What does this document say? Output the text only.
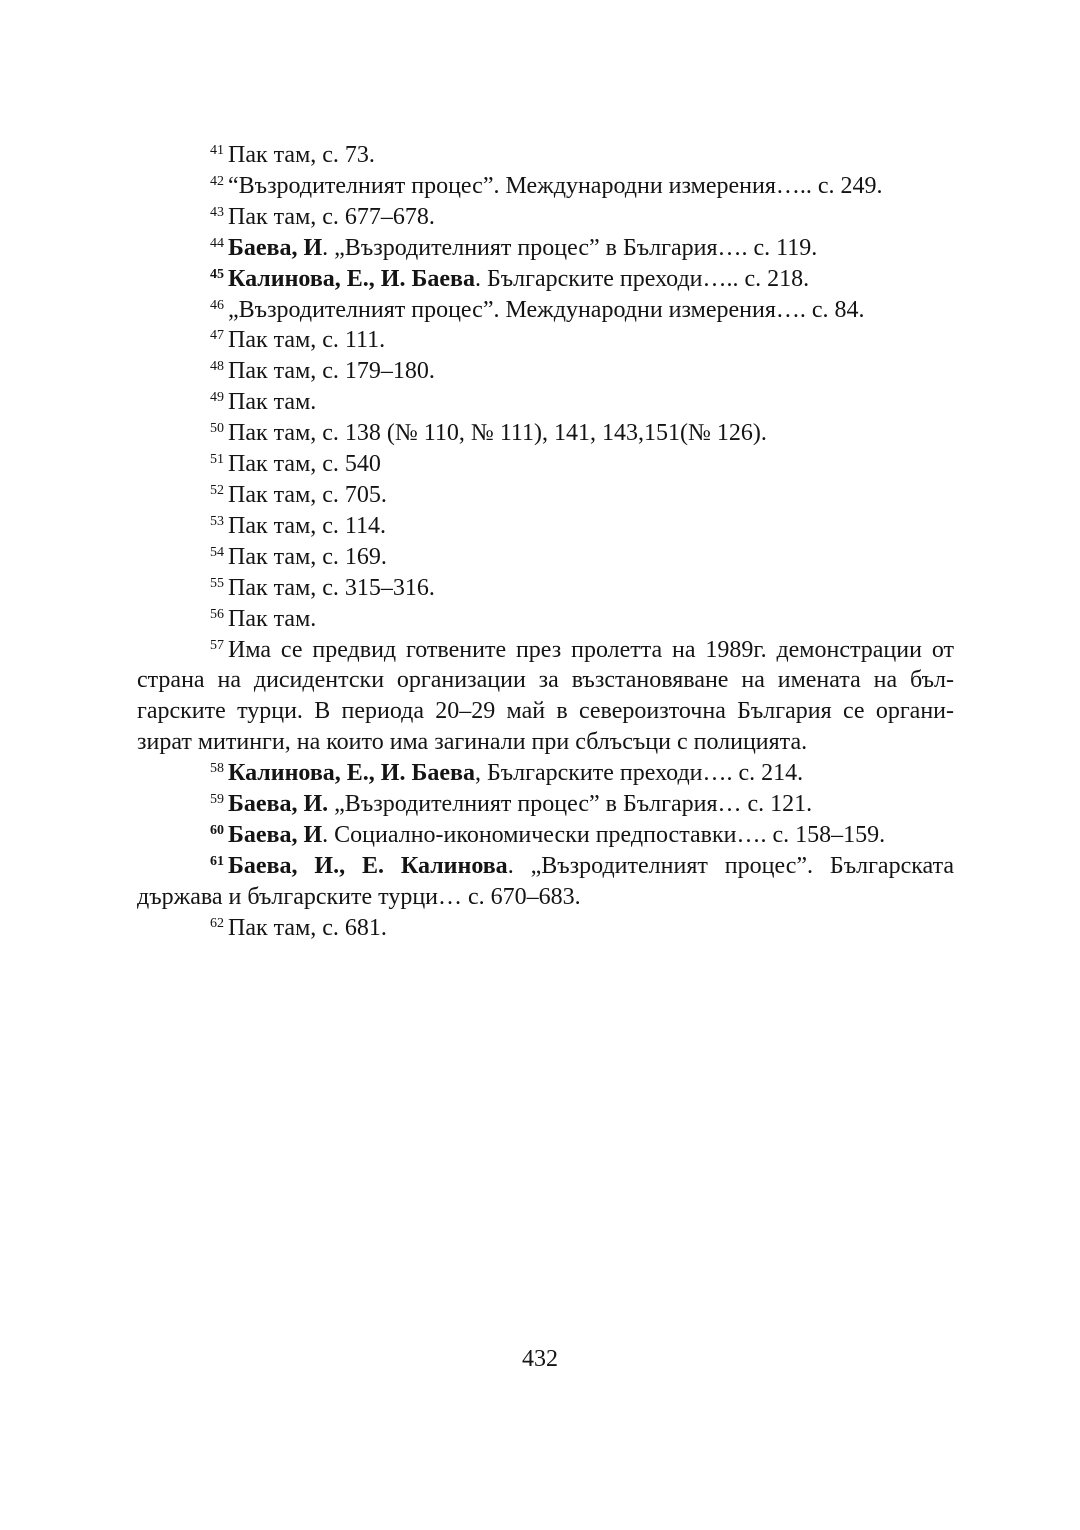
$^{41}$ Пак там, с. 73.

$^{42}$ “Възродителният процес”. Международни измерения….. с. 249.

$^{43}$ Пак там, с. 677–678.

$^{44}$ Баева, И. „Възродителният процес” в България…. с. 119.

$^{45}$ Калинова, Е., И. Баева. Българските преходи….. с. 218.

$^{46}$ „Възродителният процес”. Международни измерения…. с. 84.

$^{47}$ Пак там, с. 111.

$^{48}$ Пак там, с. 179–180.

$^{49}$ Пак там.

$^{50}$ Пак там, с. 138 (№ 110, № 111), 141, 143,151(№ 126).

$^{51}$ Пак там, с. 540

$^{52}$ Пак там, с. 705.

$^{53}$ Пак там, с. 114.

$^{54}$ Пак там, с. 169.

$^{55}$ Пак там, с. 315–316.

$^{56}$ Пак там.

$^{57}$ Има се предвид готвените през пролетта на 1989г. демонстрации от страна на дисидентски организации за възстановяване на имената на бъл-гарските турци. В периода 20–29 май в североизточна България се органи-зират митинги, на които има загинали при сблъсъци с полицията.

$^{58}$ Калинова, Е., И. Баева, Българските преходи…. с. 214.

$^{59}$ Баева, И. „Възродителният процес” в България… с. 121.

$^{60}$ Баева, И. Социално-икономически предпоставки…. с. 158–159.

$^{61}$ Баева, И., Е. Калинова. „Възродителният процес”. Българската държава и българските турци… с. 670–683.

$^{62}$ Пак там, с. 681.

432
